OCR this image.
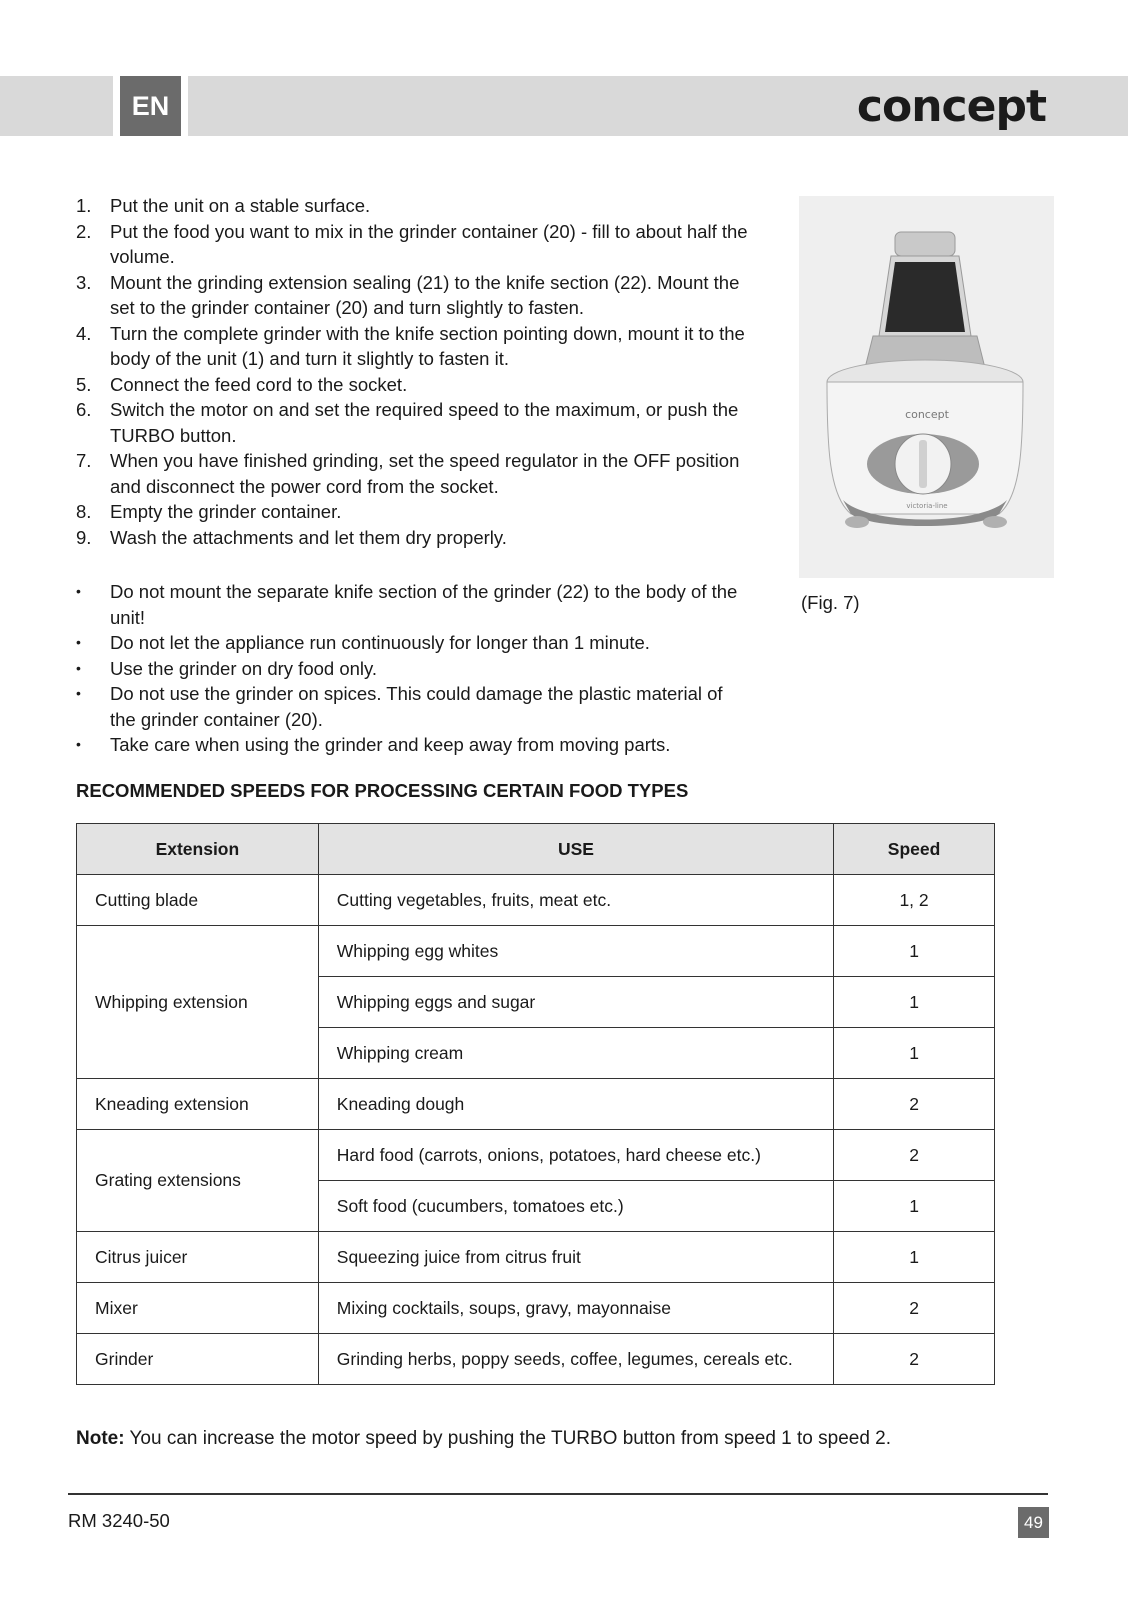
EN	concept
1.	Put the unit on a stable surface.
2.	Put the food you want to mix in the grinder container (20) - fill to about half the volume.
3.	Mount the grinding extension sealing (21) to the knife section (22). Mount the set to the grinder container (20) and turn slightly to fasten.
4.	Turn the complete grinder with the knife section pointing down, mount it to the body of the unit (1) and turn it slightly to fasten it.
5.	Connect the feed cord to the socket.
6.	Switch the motor on and set the required speed to the maximum, or push the TURBO button.
7.	When you have finished grinding, set the speed regulator in the OFF position and disconnect the power cord from the socket.
8.	Empty the grinder container.
9.	Wash the attachments and let them dry properly.
•	Do not mount the separate knife section of the grinder (22) to the body of the unit!
•	Do not let the appliance run continuously for longer than 1 minute.
•	Use the grinder on dry food only.
•	Do not use the grinder on spices. This could damage the plastic material of the grinder container (20).
•	Take care when using the grinder and keep away from moving parts.
concept
victoria-line
(Fig. 7)
RECOMMENDED SPEEDS FOR PROCESSING CERTAIN FOOD TYPES
Extension	USE	Speed
Cutting blade	Cutting vegetables, fruits, meat etc.	1, 2
Whipping extension	Whipping egg whites	1
	Whipping eggs and sugar	1
	Whipping cream	1
Kneading extension	Kneading dough	2
Grating extensions	Hard food (carrots, onions, potatoes, hard cheese etc.)	2
	Soft food (cucumbers, tomatoes etc.)	1
Citrus juicer	Squeezing juice from citrus fruit	1
Mixer	Mixing cocktails, soups, gravy, mayonnaise	2
Grinder	Grinding herbs, poppy seeds, coffee, legumes, cereals etc.	2
Note: You can increase the motor speed by pushing the TURBO button from speed 1 to speed 2.
RM 3240-50	49
